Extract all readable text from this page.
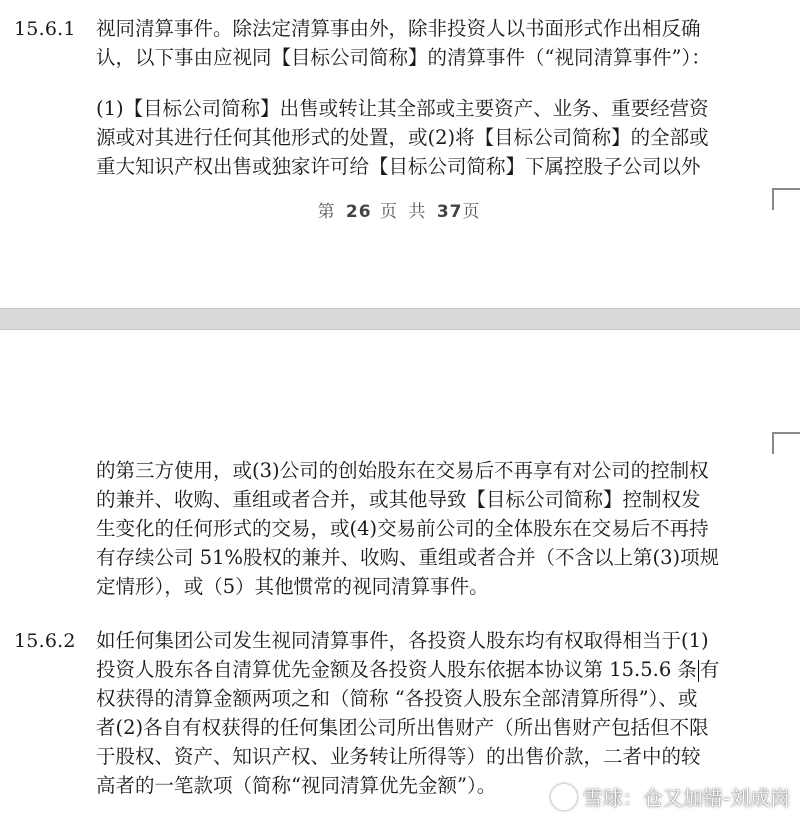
15.6.1 视同清算事件。除法定清算事由外，除非投资人以书面形式作出相反确
认，以下事由应视同【目标公司简称】的清算事件（“视同清算事件”）：
(1)【目标公司简称】出售或转让其全部或主要资产、业务、重要经营资
源或对其进行任何其他形式的处置，或(2)将【目标公司简称】的全部或
重大知识产权出售或独家许可给【目标公司简称】下属控股子公司以外
第 26 页 共 37页
的第三方使用，或(3)公司的创始股东在交易后不再享有对公司的控制权
的兼并、收购、重组或者合并，或其他导致【目标公司简称】控制权发
生变化的任何形式的交易，或(4)交易前公司的全体股东在交易后不再持
有存续公司 51%股权的兼并、收购、重组或者合并（不含以上第(3)项规
定情形），或（5）其他惯常的视同清算事件。
15.6.2 如任何集团公司发生视同清算事件，各投资人股东均有权取得相当于(1)
投资人股东各自清算优先金额及各投资人股东依据本协议第 15.5.6 条 有
权获得的清算金额两项之和（简称 “各投资人股东全部清算所得”）、或
者(2)各自有权获得的任何集团公司所出售财产（所出售财产包括但不限
于股权、资产、知识产权、业务转让所得等）的出售价款，二者中的较
高者的一笔款项（简称“视同清算优先金额”）。
雪球：仓又加错-刘成岗
